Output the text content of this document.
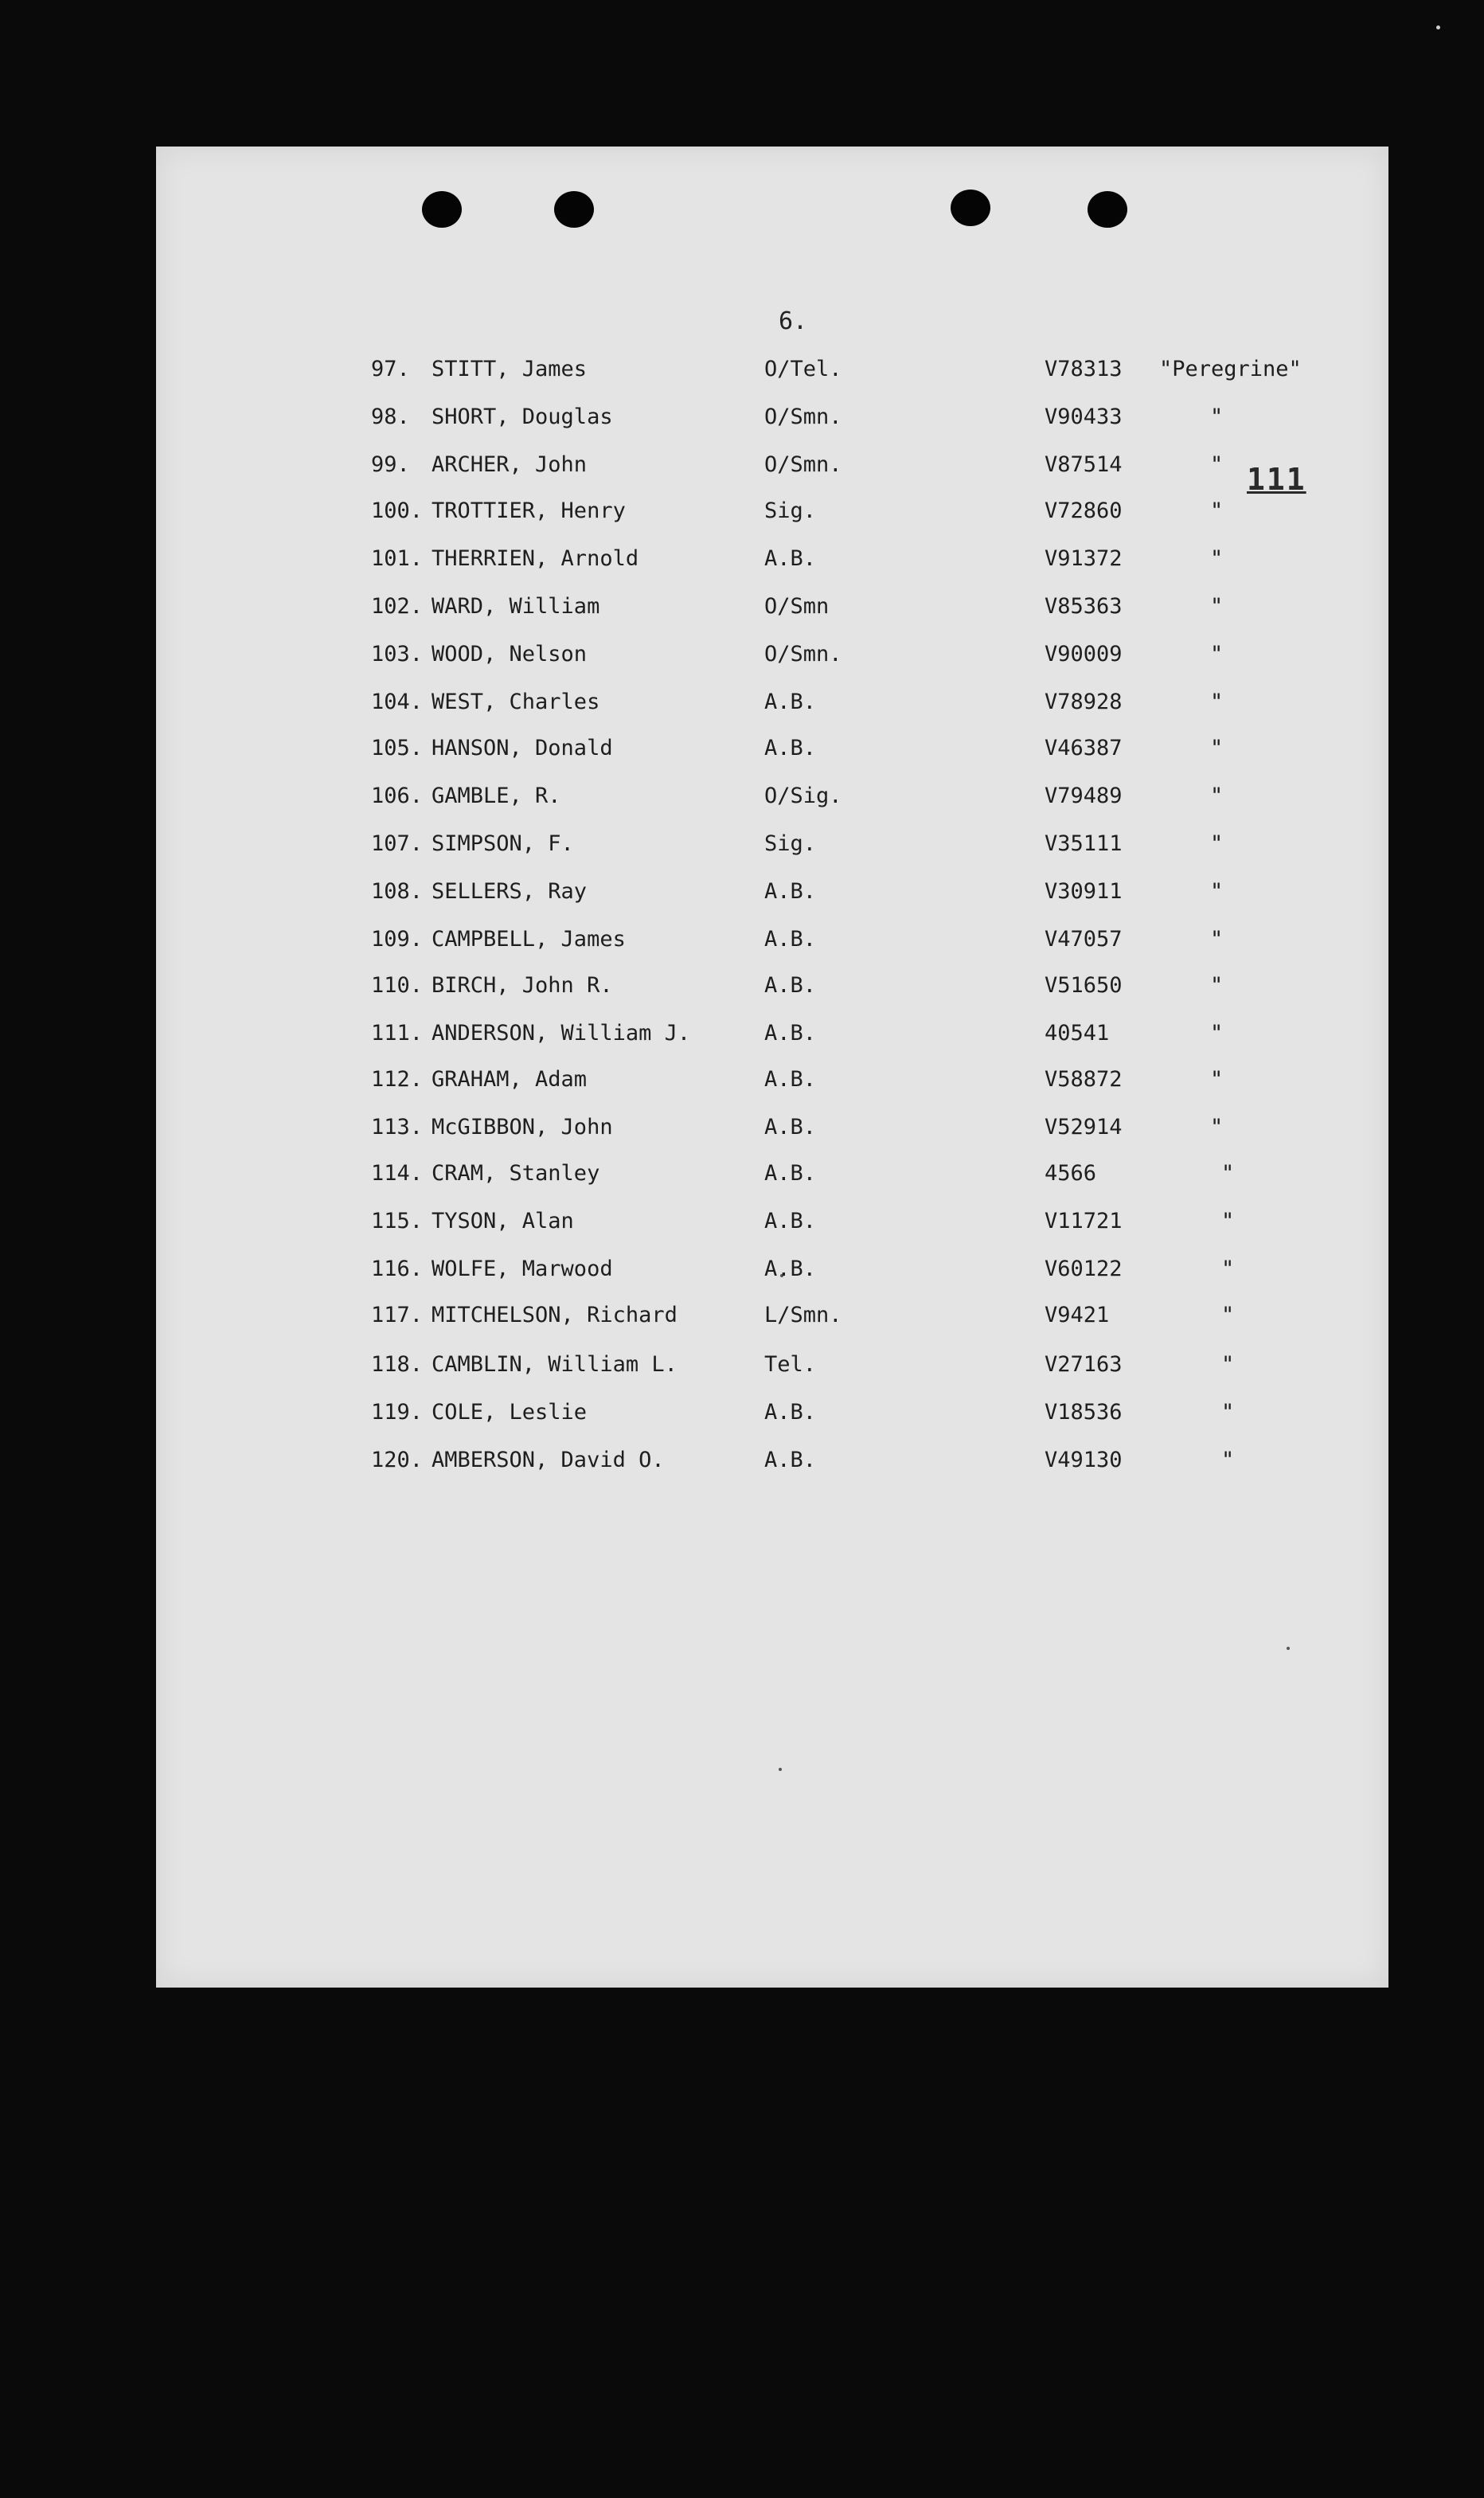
6.
111
97. STITT, James	O/Tel.	V78313 "Peregrine"
98. SHORT, Douglas	O/Smn.	V90433	"
99. ARCHER, John	O/Smn.	V87514	"
100. TROTTIER, Henry	Sig.	V72860	"
101. THERRIEN, Arnold	A.B.	V91372	"
102. WARD, William	O/Smn	V85363	"
103. WOOD, Nelson	O/Smn.	V90009	"
104. WEST, Charles	A.B.	V78928	"
105. HANSON, Donald	A.B.	V46387	"
106. GAMBLE, R.	O/Sig.	V79489	"
107. SIMPSON, F.	Sig.	V35111	"
108. SELLERS, Ray	A.B.	V30911	"
109. CAMPBELL, James	A.B.	V47057	"
110. BIRCH, John R.	A.B.	V51650	"
111. ANDERSON, William J.	A.B.	40541	"
112. GRAHAM, Adam	A.B.	V58872	"
113. McGIBBON, John	A.B.	V52914	"
114. CRAM, Stanley	A.B.	4566	"
115. TYSON, Alan	A.B.	V11721	"
116. WOLFE, Marwood	A.B.	V60122	"
117. MITCHELSON, Richard	L/Smn.	V9421	"
118. CAMBLIN, William L.	Tel.	V27163	"
119. COLE, Leslie	A.B.	V18536	"
120. AMBERSON, David O.	A.B.	V49130	"
